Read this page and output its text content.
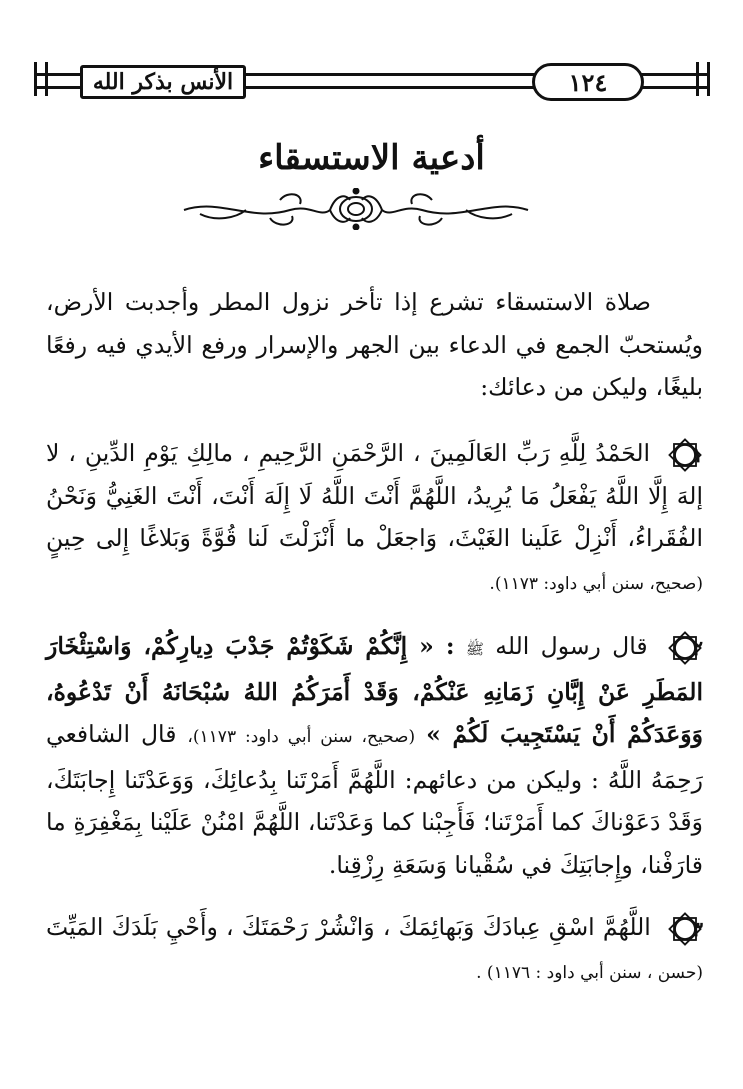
الأنس بذكر الله	١٢٤
أدعية الاستسقاء

صلاة الاستسقاء تشرع إذا تأخر نزول المطر وأجدبت الأرض، ويُستحبّ الجمع في الدعاء بين الجهر والإسرار ورفع الأيدي فيه رفعًا بليغًا، وليكن من دعائك:

١
الحَمْدُ لِلَّهِ رَبِّ العَالَمِينَ ، الرَّحْمَنِ الرَّحِيمِ ، مالِكِ يَوْمِ الدِّينِ ، لا إلهَ إِلَّا اللَّهُ يَفْعَلُ مَا يُرِيدُ، اللَّهُمَّ أَنْتَ اللَّهُ لَا إِلَهَ أَنْتَ، أَنْتَ الغَنِيُّ وَنَحْنُ الفُقَراءُ، أَنْزِلْ عَلَينا الغَيْثَ، وَاجعَلْ ما أَنْزَلْتَ لَنا قُوَّةً وَبَلاغًا إِلى حِينٍ (صحيح، سنن أبي داود: ١١٧٣).

٢
قال رسول الله ﷺ : « إِنَّكُمْ شَكَوْتُمْ جَدْبَ دِيارِكُمْ، وَاسْتِئْخَارَ المَطَرِ عَنْ إِبَّانِ زَمَانِهِ عَنْكُمْ، وَقَدْ أَمَرَكُمُ اللهُ سُبْحَانَهُ أَنْ تَدْعُوهُ، وَوَعَدَكُمْ أَنْ يَسْتَجِيبَ لَكُمْ » (صحيح، سنن أبي داود: ١١٧٣)، قال الشافعي رَحِمَهُ اللَّهُ : وليكن من دعائهم: اللَّهُمَّ أَمَرْتَنا بِدُعائِكَ، وَوَعَدْتَنا إِجابَتَكَ، وَقَدْ دَعَوْناكَ كما أَمَرْتَنا؛ فَأَجِبْنا كما وَعَدْتَنا، اللَّهُمَّ امْنُنْ عَلَيْنا بِمَغْفِرَةِ ما قارَفْنا، وإِجابَتِكَ في سُقْيانا وَسَعَةِ رِزْقِنا.

٣
اللَّهُمَّ اسْقِ عِبادَكَ وَبَهائِمَكَ ، وَانْشُرْ رَحْمَتَكَ ، وأَحْيِ بَلَدَكَ المَيِّتَ (حسن ، سنن أبي داود : ١١٧٦) .
